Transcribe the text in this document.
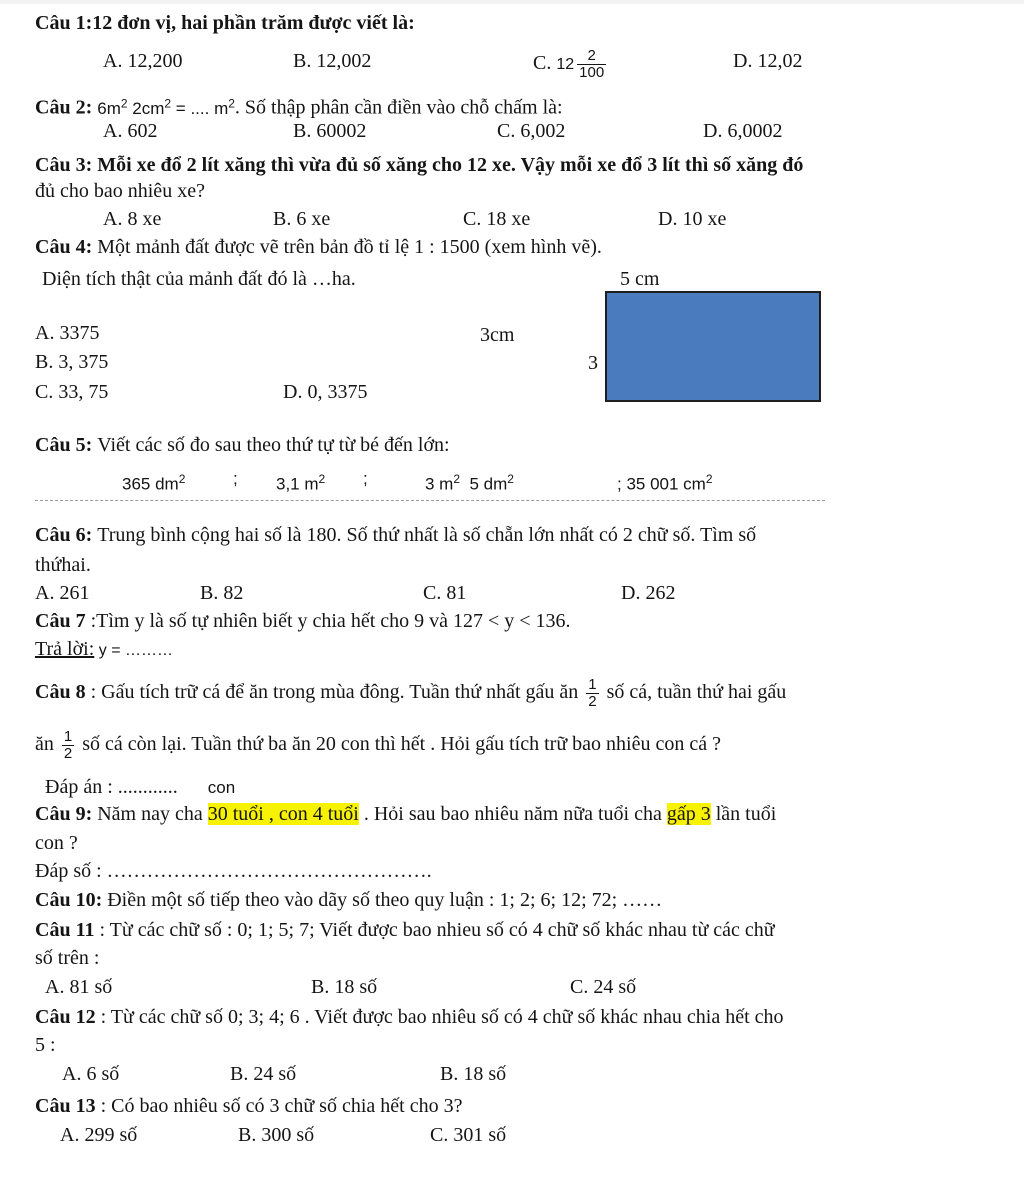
Câu 1:12 đơn vị, hai phần trăm được viết là:
A. 12,200	B. 12,002	C. $12 \frac{2}{100}$	D. 12,02
Câu 2: $6m^2$ $2cm^2$ = .... $m^2$. Số thập phân cần điền vào chỗ chấm là:
A. 602	B. 60002	C. 6,002	D. 6,0002
Câu 3: Mỗi xe đổ 2 lít xăng thì vừa đủ số xăng cho 12 xe. Vậy mỗi xe đổ 3 lít thì số xăng đó
đủ cho bao nhiêu xe?
A. 8 xe	B. 6 xe	C. 18 xe	D. 10 xe
Câu 4: Một mảnh đất được vẽ trên bản đồ tỉ lệ 1 : 1500 (xem hình vẽ).
Diện tích thật của mảnh đất đó là …ha.	5 cm
3cm
3
A. 3375
B. 3, 375
C. 33, 75	D. 0, 3375
Câu 5: Viết các số đo sau theo thứ tự từ bé đến lớn:
365 $dm^2$	; 3,1 $m^2$ ;	3 $m^2$ 5 $dm^2$	; 35 001 $cm^2$
Câu 6: Trung bình cộng hai số là 180. Số thứ nhất là số chẵn lớn nhất có 2 chữ số. Tìm số
thứhai.
A. 261	B. 82	C. 81	D. 262
Câu 7 :Tìm y là số tự nhiên biết y chia hết cho 9 và 127 < y < 136.
Trả lời: y = ………
Câu 8 : Gấu tích trữ cá để ăn trong mùa đông. Tuần thứ nhất gấu ăn $\frac{1}{2}$ số cá, tuần thứ hai gấu
ăn $\frac{1}{2}$ số cá còn lại. Tuần thứ ba ăn 20 con thì hết . Hỏi gấu tích trữ bao nhiêu con cá ?
Đáp án : ............ con
Câu 9: Năm nay cha 30 tuổi , con 4 tuổi . Hỏi sau bao nhiêu năm nữa tuổi cha gấp 3 lần tuổi
con ?
Đáp số : ………………………………………….
Câu 10: Điền một số tiếp theo vào dãy số theo quy luận : 1; 2; 6; 12; 72; ……
Câu 11 : Từ các chữ số : 0; 1; 5; 7; Viết được bao nhieu số có 4 chữ số khác nhau từ các chữ
số trên :
A. 81 số	B. 18 số	C. 24 số
Câu 12 : Từ các chữ số 0; 3; 4; 6 . Viết được bao nhiêu số có 4 chữ số khác nhau chia hết cho
5 :
A. 6 số	B. 24 số	B. 18 số
Câu 13 : Có bao nhiêu số có 3 chữ số chia hết cho 3?
A. 299 số	B. 300 số	C. 301 số
